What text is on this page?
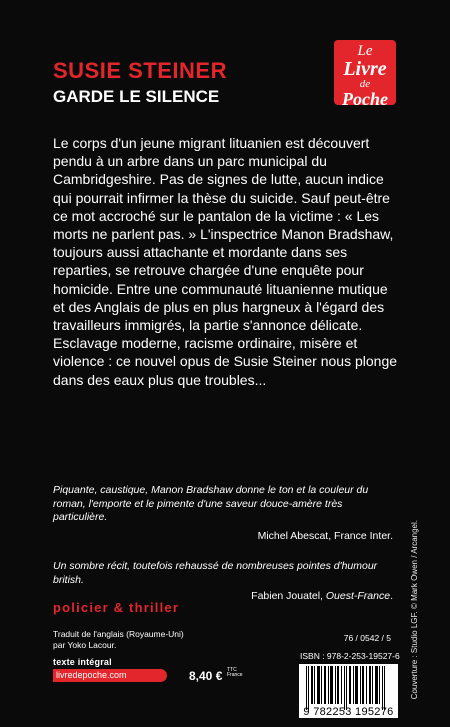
SUSIE STEINER
GARDE LE SILENCE
Le
Livre
de
Poche

Le corps d'un jeune migrant lituanien est découvert pendu à un arbre dans un parc municipal du Cambridgeshire. Pas de signes de lutte, aucun indice qui pourrait infirmer la thèse du suicide. Sauf peut-être ce mot accroché sur le pantalon de la victime : « Les morts ne parlent pas. » L'inspectrice Manon Bradshaw, toujours aussi attachante et mordante dans ses reparties, se retrouve chargée d'une enquête pour homicide. Entre une communauté lituanienne mutique et des Anglais de plus en plus hargneux à l'égard des travailleurs immigrés, la partie s'annonce délicate. Esclavage moderne, racisme ordinaire, misère et violence : ce nouvel opus de Susie Steiner nous plonge dans des eaux plus que troubles...

Piquante, caustique, Manon Bradshaw donne le ton et la couleur du roman, l'emporte et le pimente d'une saveur douce-amère très particulière.
Michel Abescat, France Inter.
Un sombre récit, toutefois rehaussé de nombreuses pointes d'humour british.
Fabien Jouatel, Ouest-France.
policier & thriller
Traduit de l'anglais (Royaume-Uni)
par Yoko Lacour.
texte intégral
livredepoche.com	8,40 € TTC
France
76 / 0542 / 5
ISBN : 978-2-253-19527-6
9 782253 195276
Couverture : Studio LGF. © Mark Owen / Arcangel.
